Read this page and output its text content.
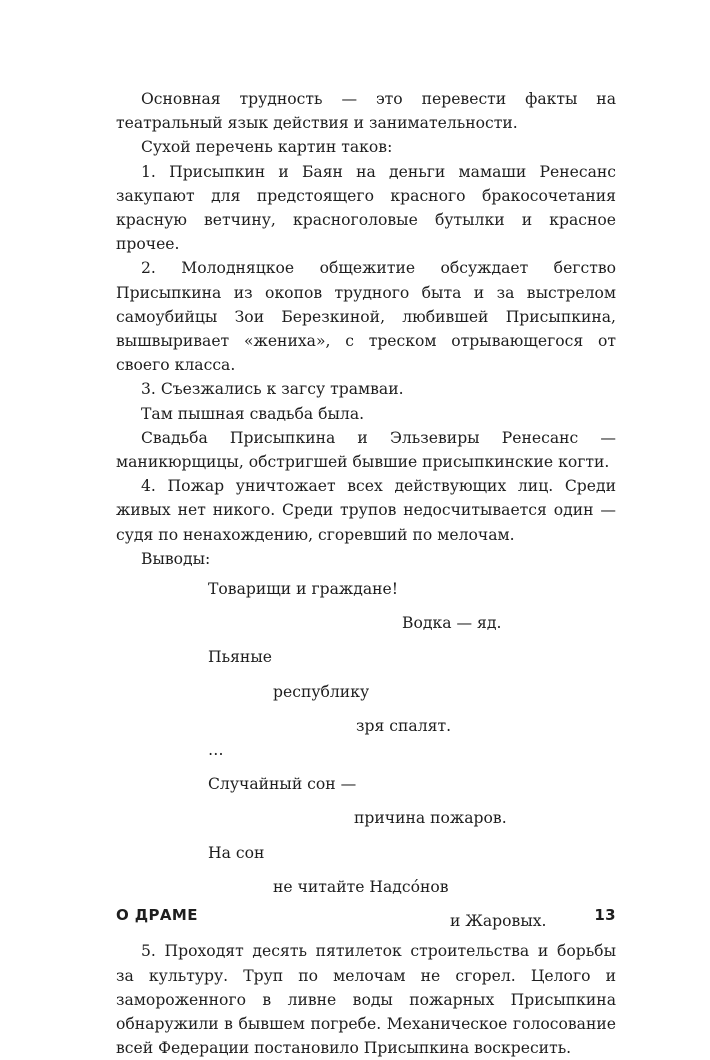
Основная трудность — это перевести факты на театральный язык действия и занимательности.

Сухой перечень картин таков:

1. Присыпкин и Баян на деньги мамаши Ренесанс закупают для предстоящего красного бракосочетания красную ветчину, красноголовые бутылки и красное прочее.

2. Молодняцкое общежитие обсуждает бегство Присыпкина из окопов трудного быта и за выстрелом самоубийцы Зои Березкиной, любившей Присыпкина, вышвыривает «жениха», с треском отрывающегося от своего класса.

3. Съезжались к загсу трамваи.

Там пышная свадьба была.

Свадьба Присыпкина и Эльзевиры Ренесанс — маникюрщицы, обстригшей бывшие присыпкинские когти.

4. Пожар уничтожает всех действующих лиц. Среди живых нет никого. Среди трупов недосчитывается один — судя по ненахождению, сгоревший по мелочам.

Выводы:

Товарищи и граждане!

Водка — яд.

Пьяные

республику

зря спалят.

…

Случайный сон —

причина пожаров.

На сон

не читайте Надсо́нов

и Жаровых.

5. Проходят десять пятилеток строительства и борьбы за культуру. Труп по мелочам не сгорел. Целого и замороженного в ливне воды пожарных Присыпкина обнаружили в бывшем погребе. Механическое голосование всей Федерации постановило Присыпкина воскресить.

О ДРАМЕ	13
